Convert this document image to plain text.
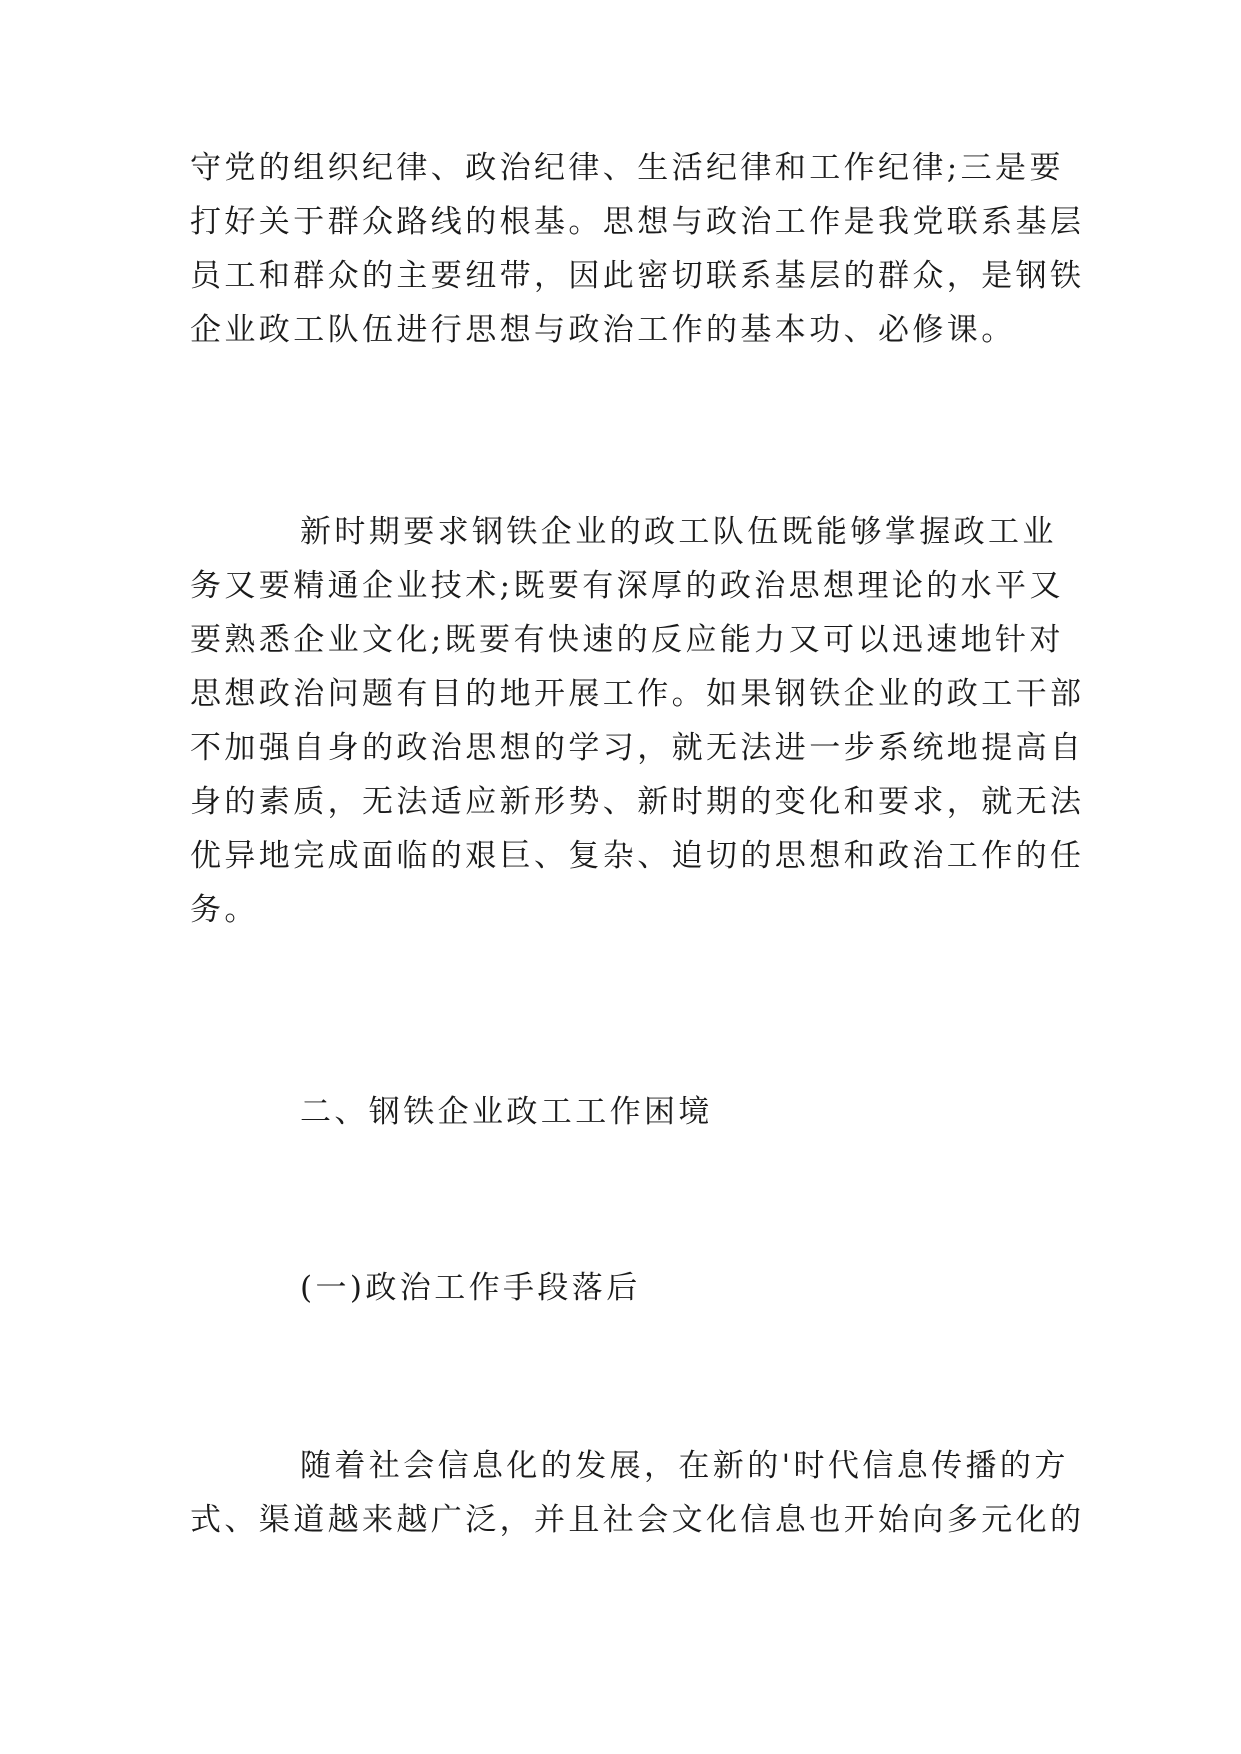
守党的组织纪律、政治纪律、生活纪律和工作纪律;三是要
打好关于群众路线的根基。思想与政治工作是我党联系基层
员工和群众的主要纽带，因此密切联系基层的群众，是钢铁
企业政工队伍进行思想与政治工作的基本功、必修课。
新时期要求钢铁企业的政工队伍既能够掌握政工业
务又要精通企业技术;既要有深厚的政治思想理论的水平又
要熟悉企业文化;既要有快速的反应能力又可以迅速地针对
思想政治问题有目的地开展工作。如果钢铁企业的政工干部
不加强自身的政治思想的学习，就无法进一步系统地提高自
身的素质，无法适应新形势、新时期的变化和要求，就无法
优异地完成面临的艰巨、复杂、迫切的思想和政治工作的任
务。
二、钢铁企业政工工作困境
(一)政治工作手段落后
随着社会信息化的发展，在新的'时代信息传播的方
式、渠道越来越广泛，并且社会文化信息也开始向多元化的
